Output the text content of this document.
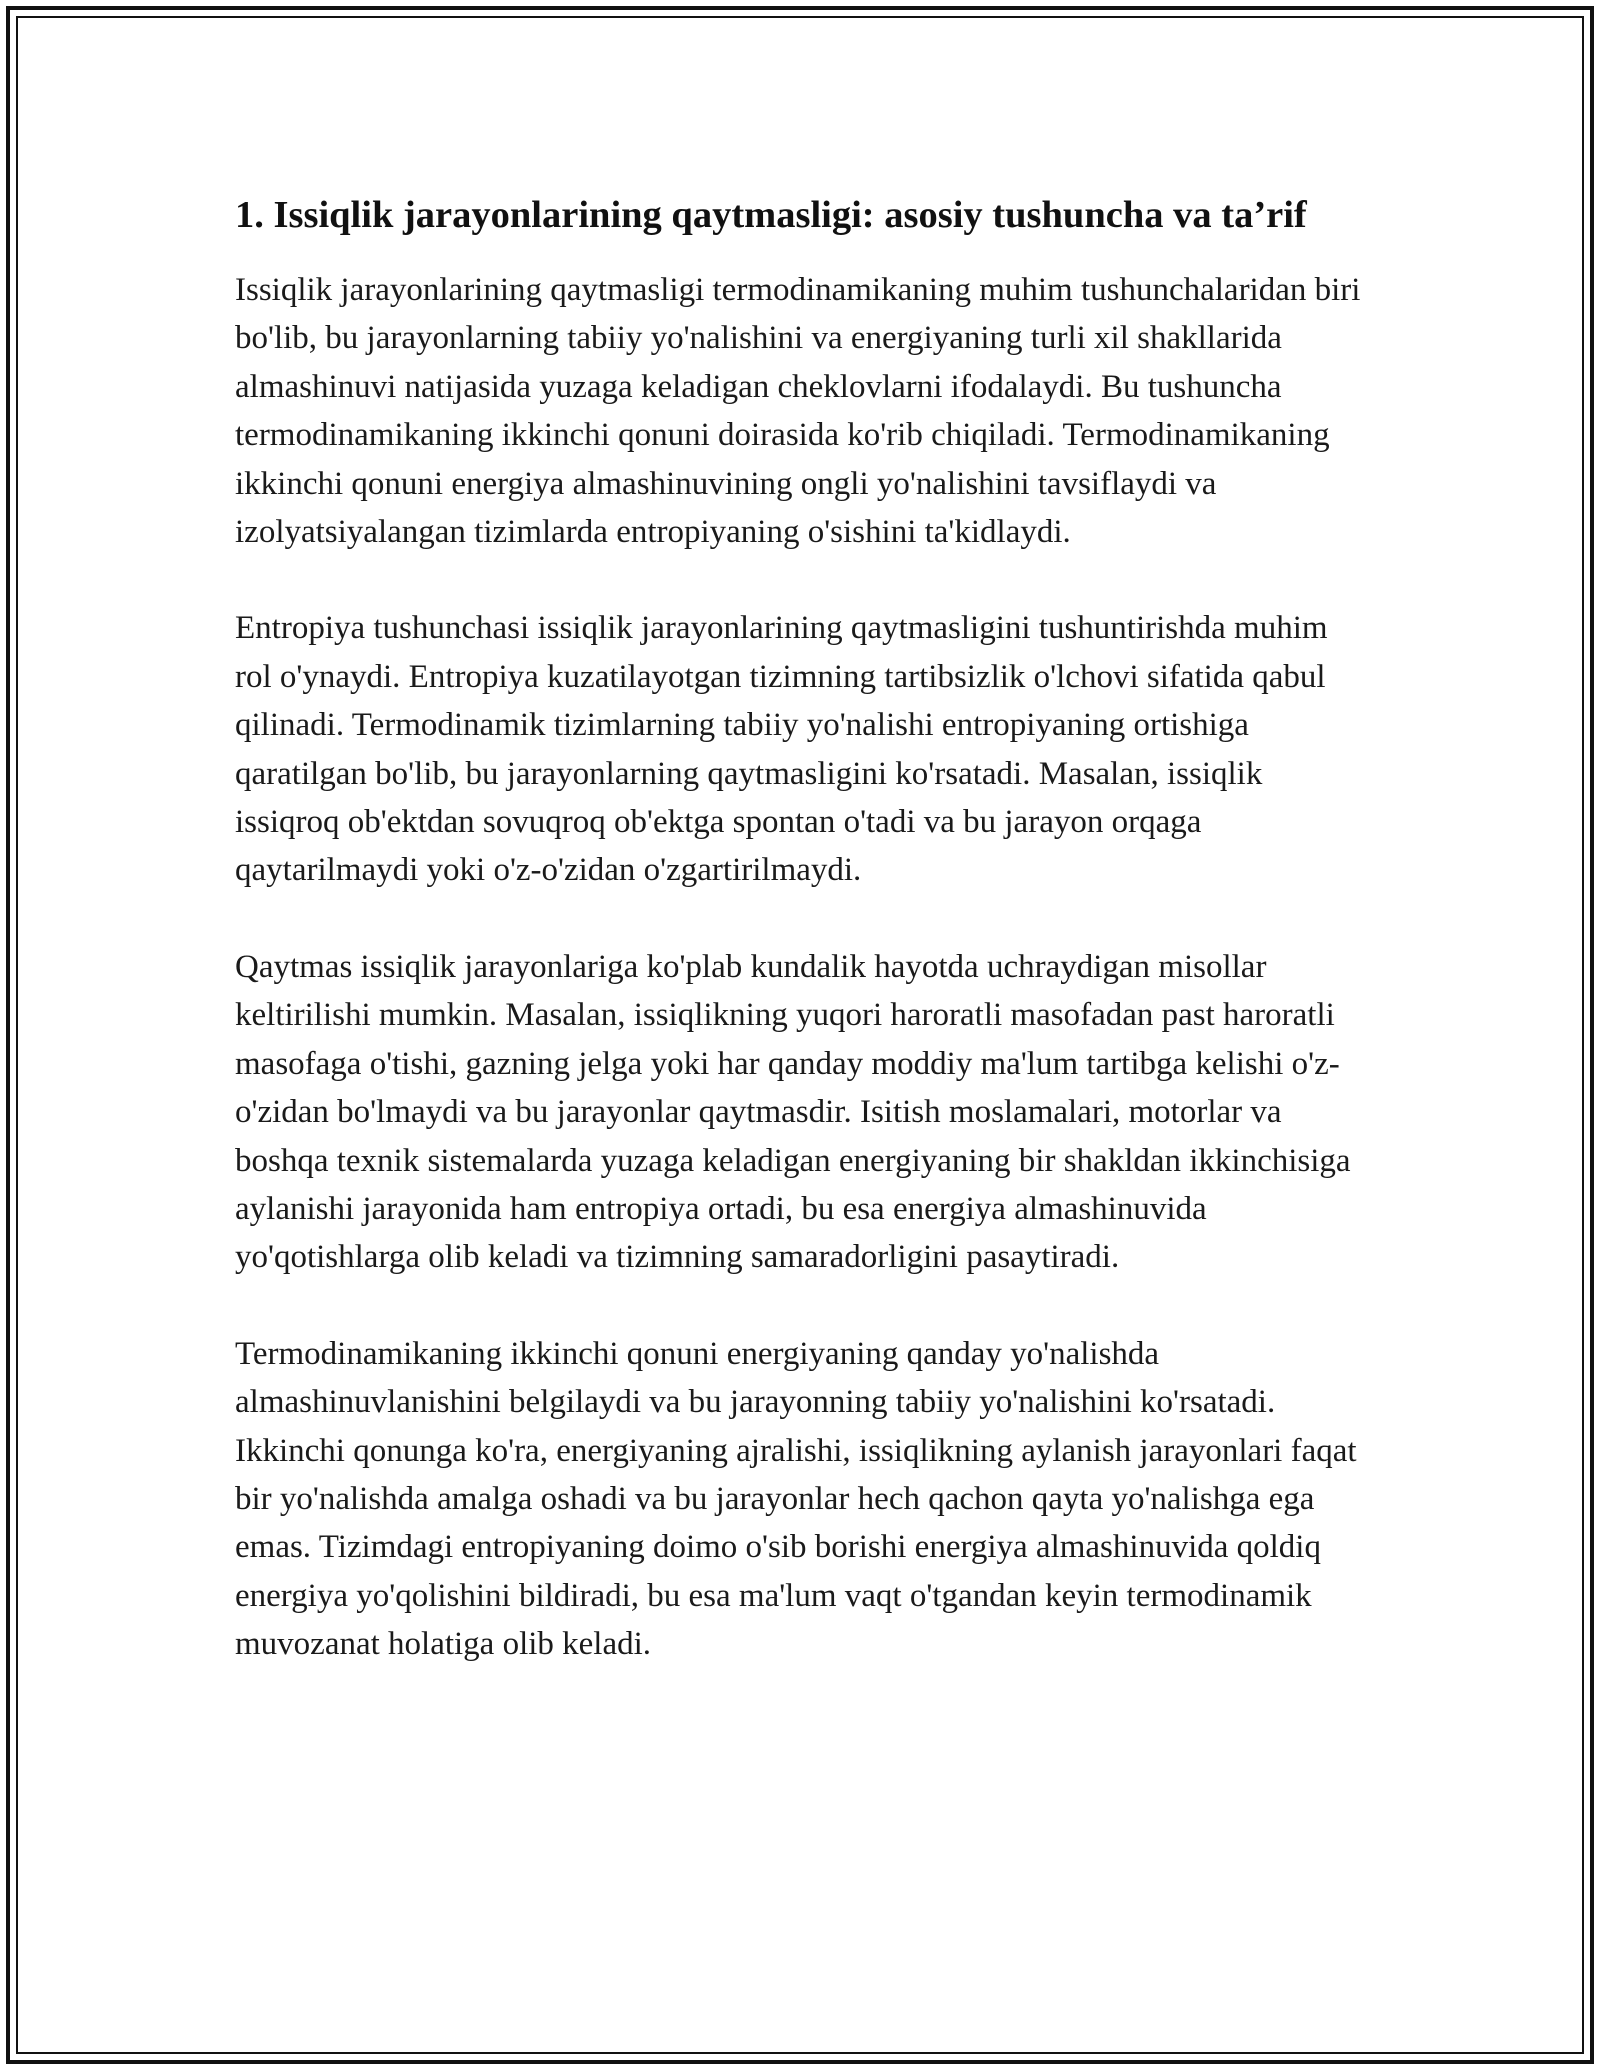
1. Issiqlik jarayonlarining qaytmasligi: asosiy tushuncha va ta’rif

Issiqlik jarayonlarining qaytmasligi termodinamikaning muhim tushunchalaridan biri bo'lib, bu jarayonlarning tabiiy yo'nalishini va energiyaning turli xil shakllarida almashinuvi natijasida yuzaga keladigan cheklovlarni ifodalaydi. Bu tushuncha termodinamikaning ikkinchi qonuni doirasida ko'rib chiqiladi. Termodinamikaning ikkinchi qonuni energiya almashinuvining ongli yo'nalishini tavsiflaydi va izolyatsiyalangan tizimlarda entropiyaning o'sishini ta'kidlaydi.

Entropiya tushunchasi issiqlik jarayonlarining qaytmasligini tushuntirishda muhim rol o'ynaydi. Entropiya kuzatilayotgan tizimning tartibsizlik o'lchovi sifatida qabul qilinadi. Termodinamik tizimlarning tabiiy yo'nalishi entropiyaning ortishiga qaratilgan bo'lib, bu jarayonlarning qaytmasligini ko'rsatadi. Masalan, issiqlik issiqroq ob'ektdan sovuqroq ob'ektga spontan o'tadi va bu jarayon orqaga qaytarilmaydi yoki o'z-o'zidan o'zgartirilmaydi.

Qaytmas issiqlik jarayonlariga ko'plab kundalik hayotda uchraydigan misollar keltirilishi mumkin. Masalan, issiqlikning yuqori haroratli masofadan past haroratli masofaga o'tishi, gazning jelga yoki har qanday moddiy ma'lum tartibga kelishi o'z-o'zidan bo'lmaydi va bu jarayonlar qaytmasdir. Isitish moslamalari, motorlar va boshqa texnik sistemalarda yuzaga keladigan energiyaning bir shakldan ikkinchisiga aylanishi jarayonida ham entropiya ortadi, bu esa energiya almashinuvida yo'qotishlarga olib keladi va tizimning samaradorligini pasaytiradi.

Termodinamikaning ikkinchi qonuni energiyaning qanday yo'nalishda almashinuvlanishini belgilaydi va bu jarayonning tabiiy yo'nalishini ko'rsatadi. Ikkinchi qonunga ko'ra, energiyaning ajralishi, issiqlikning aylanish jarayonlari faqat bir yo'nalishda amalga oshadi va bu jarayonlar hech qachon qayta yo'nalishga ega emas. Tizimdagi entropiyaning doimo o'sib borishi energiya almashinuvida qoldiq energiya yo'qolishini bildiradi, bu esa ma'lum vaqt o'tgandan keyin termodinamik muvozanat holatiga olib keladi.
